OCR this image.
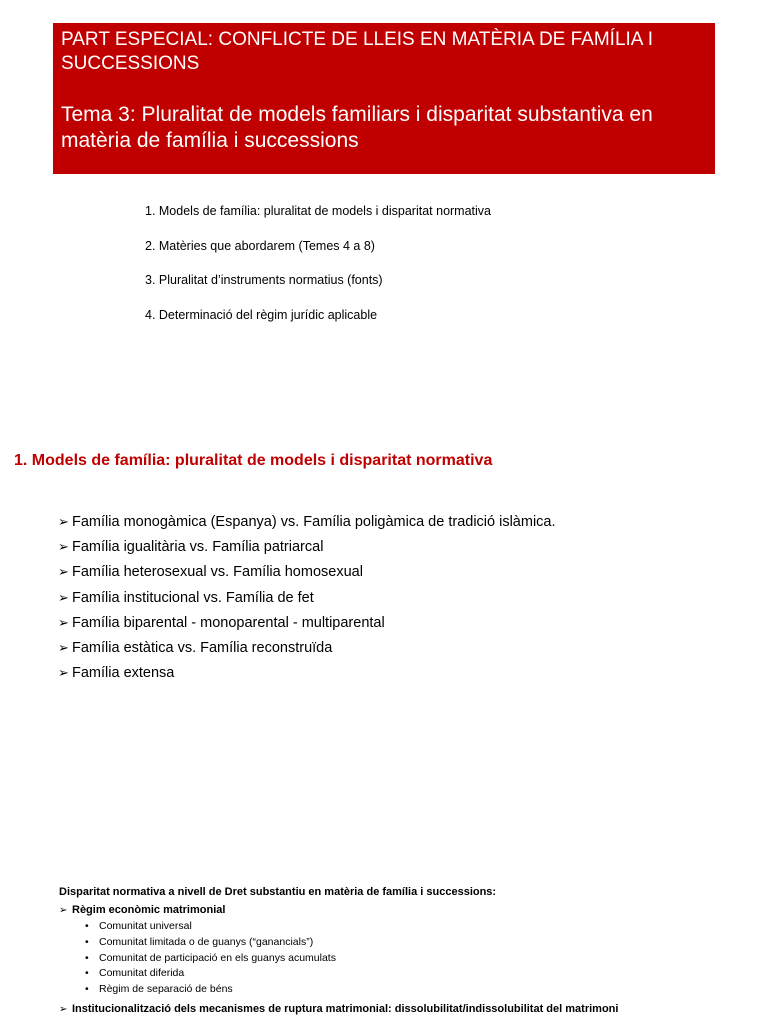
PART ESPECIAL: CONFLICTE DE LLEIS EN MATÈRIA DE FAMÍLIA I SUCCESSIONS
Tema 3: Pluralitat de models familiars i disparitat substantiva en matèria de família i successions
1. Models de família: pluralitat de models i disparitat normativa
2. Matèries que abordarem (Temes 4 a 8)
3. Pluralitat d’instruments normatius (fonts)
4. Determinació del règim jurídic aplicable
1. Models de família: pluralitat de models i disparitat normativa
➢ Família monogàmica (Espanya) vs. Família poligàmica de tradició islàmica.
➢ Família igualitària vs. Família patriarcal
➢ Família heterosexual vs. Família homosexual
➢ Família institucional vs. Família de fet
➢ Família biparental - monoparental - multiparental
➢ Família estàtica vs. Família reconstruïda
➢ Família extensa
Disparitat normativa a nivell de Dret substantiu en matèria de família i successions:
➢ Règim econòmic matrimonial
• Comunitat universal
• Comunitat limitada o de guanys (“ganancials”)
• Comunitat de participació en els guanys acumulats
• Comunitat diferida
• Règim de separació de béns
➢ Institucionalització dels mecanismes de ruptura matrimonial: dissolubilitat/indissolubilitat del matrimoni
